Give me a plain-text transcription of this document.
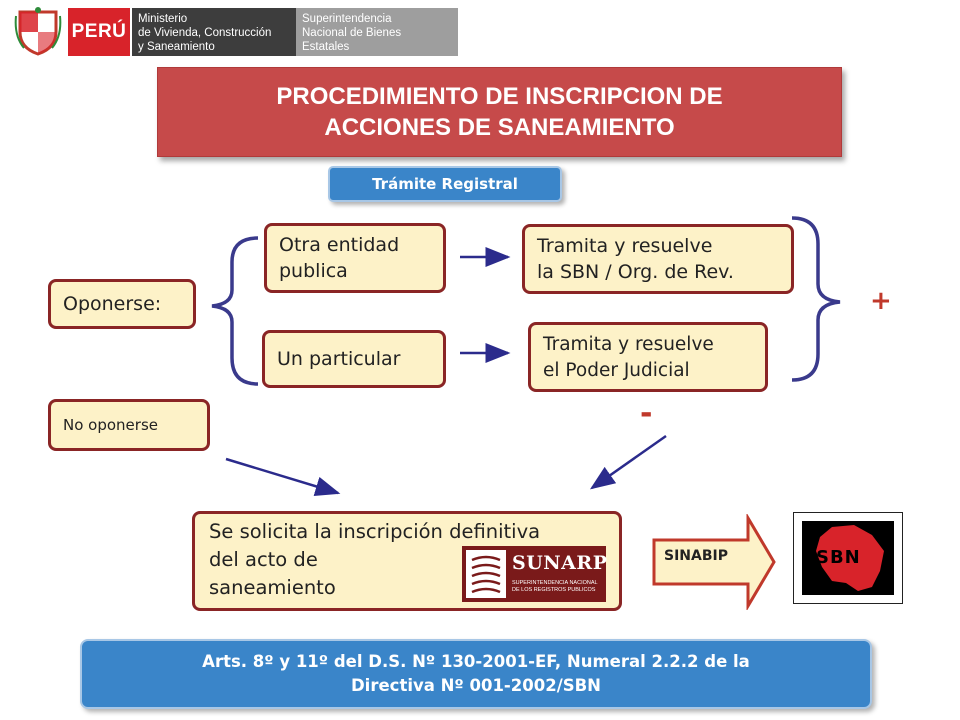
PERÚ
Ministerio
de Vivienda, Construcción
y Saneamiento
Superintendencia
Nacional de Bienes
Estatales
PROCEDIMIENTO DE INSCRIPCION DE
ACCIONES DE SANEAMIENTO
Trámite Registral
Oponerse:
Otra entidad
publica
Un particular
Tramita y resuelve
la SBN / Org. de Rev.
Tramita y resuelve
el Poder Judicial
No oponerse
Se solicita la inscripción definitiva
del acto de
saneamiento
SUNARP
SUPERINTENDENCIA NACIONAL
DE LOS REGISTROS PUBLICOS
SINABIP	SBN
+
-
Arts. 8º y 11º del D.S. Nº 130-2001-EF, Numeral 2.2.2 de la
Directiva Nº 001-2002/SBN
